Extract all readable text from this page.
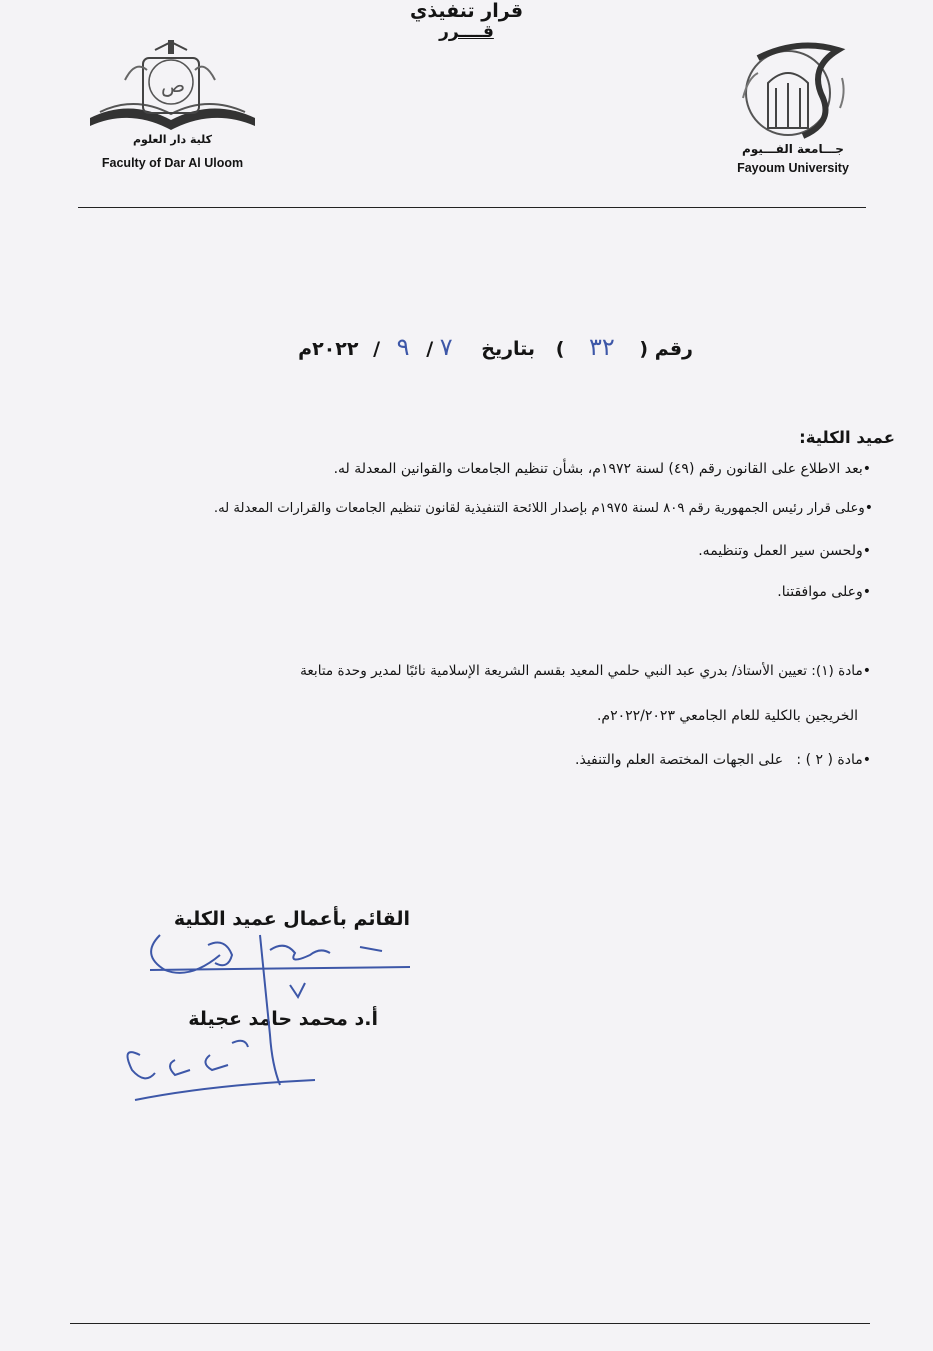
ص
كلية دار العلوم
Faculty of Dar Al Uloom
جـــامعة الفـــيوم
Fayoum University
قرار تنفيذي
رقم ( ٣٢ ) بتاريخ ٧ / ٩ / ٢٠٢٢م
عميد الكلية:
•بعد الاطلاع على القانون رقم (٤٩) لسنة ١٩٧٢م، بشأن تنظيم الجامعات والقوانين المعدلة له.
•وعلى قرار رئيس الجمهورية رقم ٨٠٩ لسنة ١٩٧٥م بإصدار اللائحة التنفيذية لقانون تنظيم الجامعات والقرارات المعدلة له.
•ولحسن سير العمل وتنظيمه.
•وعلى موافقتنا.
قــــرر
•مادة (١): تعيين الأستاذ/ بدري عبد النبي حلمي المعيد بقسم الشريعة الإسلامية نائبًا لمدير وحدة متابعة
الخريجين بالكلية للعام الجامعي ٢٠٢٢/٢٠٢٣م.
•مادة ( ٢ ) :   على الجهات المختصة العلم والتنفيذ.
القائم بأعمال عميد الكلية
أ.د محمد حامد عجيلة
